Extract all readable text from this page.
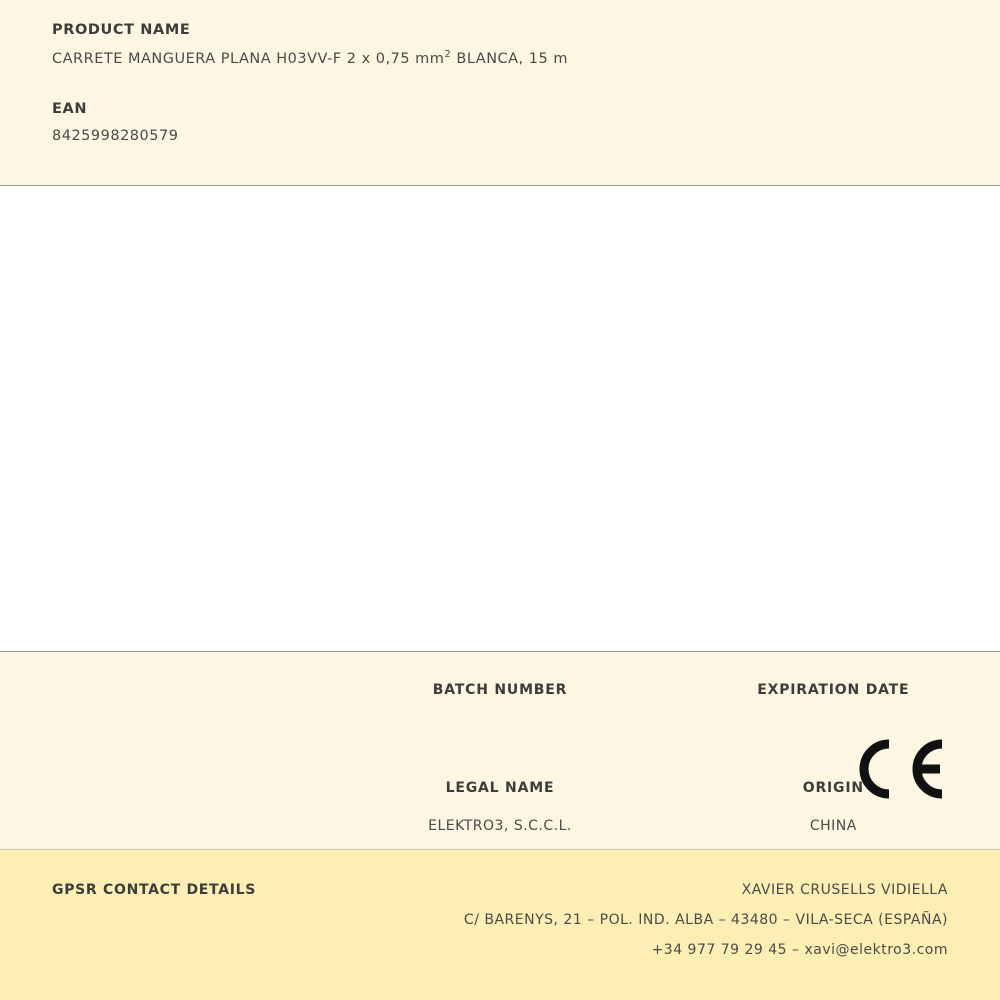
PRODUCT NAME

CARRETE MANGUERA PLANA H03VV-F 2 x 0,75 $mm^2$ BLANCA, 15 m

EAN

8425998280579

BATCH NUMBER	EXPIRATION DATE

LEGAL NAME

ELEKTRO3, S.C.C.L.

ORIGIN

CHINA

GPSR CONTACT DETAILS	XAVIER CRUSELLS VIDIELLA

C/ BARENYS, 21 – POL. IND. ALBA – 43480 – VILA-SECA (ESPAÑA)

+34 977 79 29 45 – xavi@elektro3.com
